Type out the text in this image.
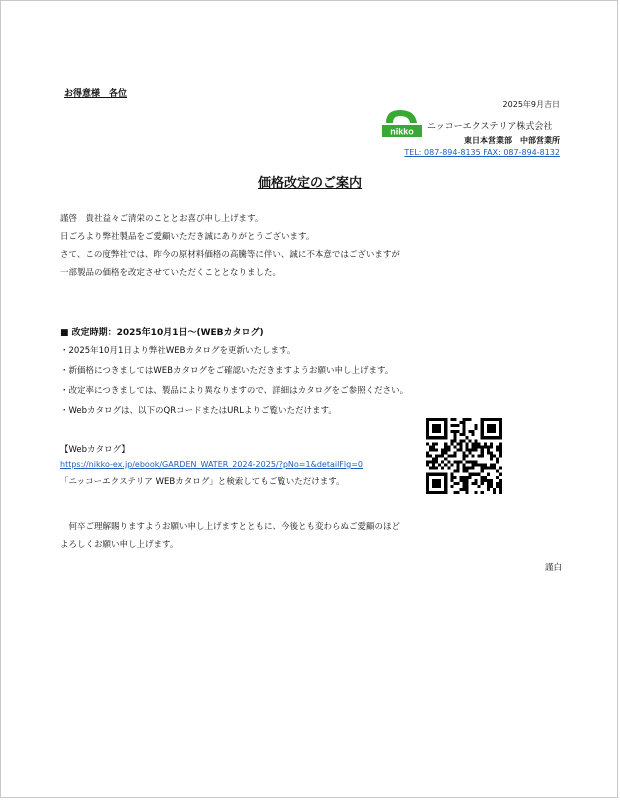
お得意様　各位
2025年9月吉日
nikko ニッコーエクステリア株式会社
東日本営業部　中部営業所
TEL: 087-894-8135 FAX: 087-894-8132
価格改定のご案内
謹啓　貴社益々ご清栄のこととお喜び申し上げます。
日ごろより弊社製品をご愛顧いただき誠にありがとうございます。
さて、この度弊社では、昨今の原材料価格の高騰等に伴い、誠に不本意ではございますが
一部製品の価格を改定させていただくこととなりました。
■ 改定時期：2025年10月1日～(WEBカタログ)
・2025年10月1日より弊社WEBカタログを更新いたします。
・新価格につきましてはWEBカタログをご確認いただきますようお願い申し上げます。
・改定率につきましては、製品により異なりますので、詳細はカタログをご参照ください。
・Webカタログは、以下のQRコードまたはURLよりご覧いただけます。
【Webカタログ】
https://nikko-ex.jp/ebook/GARDEN_WATER_2024-2025/?pNo=1&detailFlg=0
「ニッコーエクステリア WEBカタログ」と検索してもご覧いただけます。
　何卒ご理解賜りますようお願い申し上げますとともに、今後とも変わらぬご愛顧のほど
よろしくお願い申し上げます。
謹白
